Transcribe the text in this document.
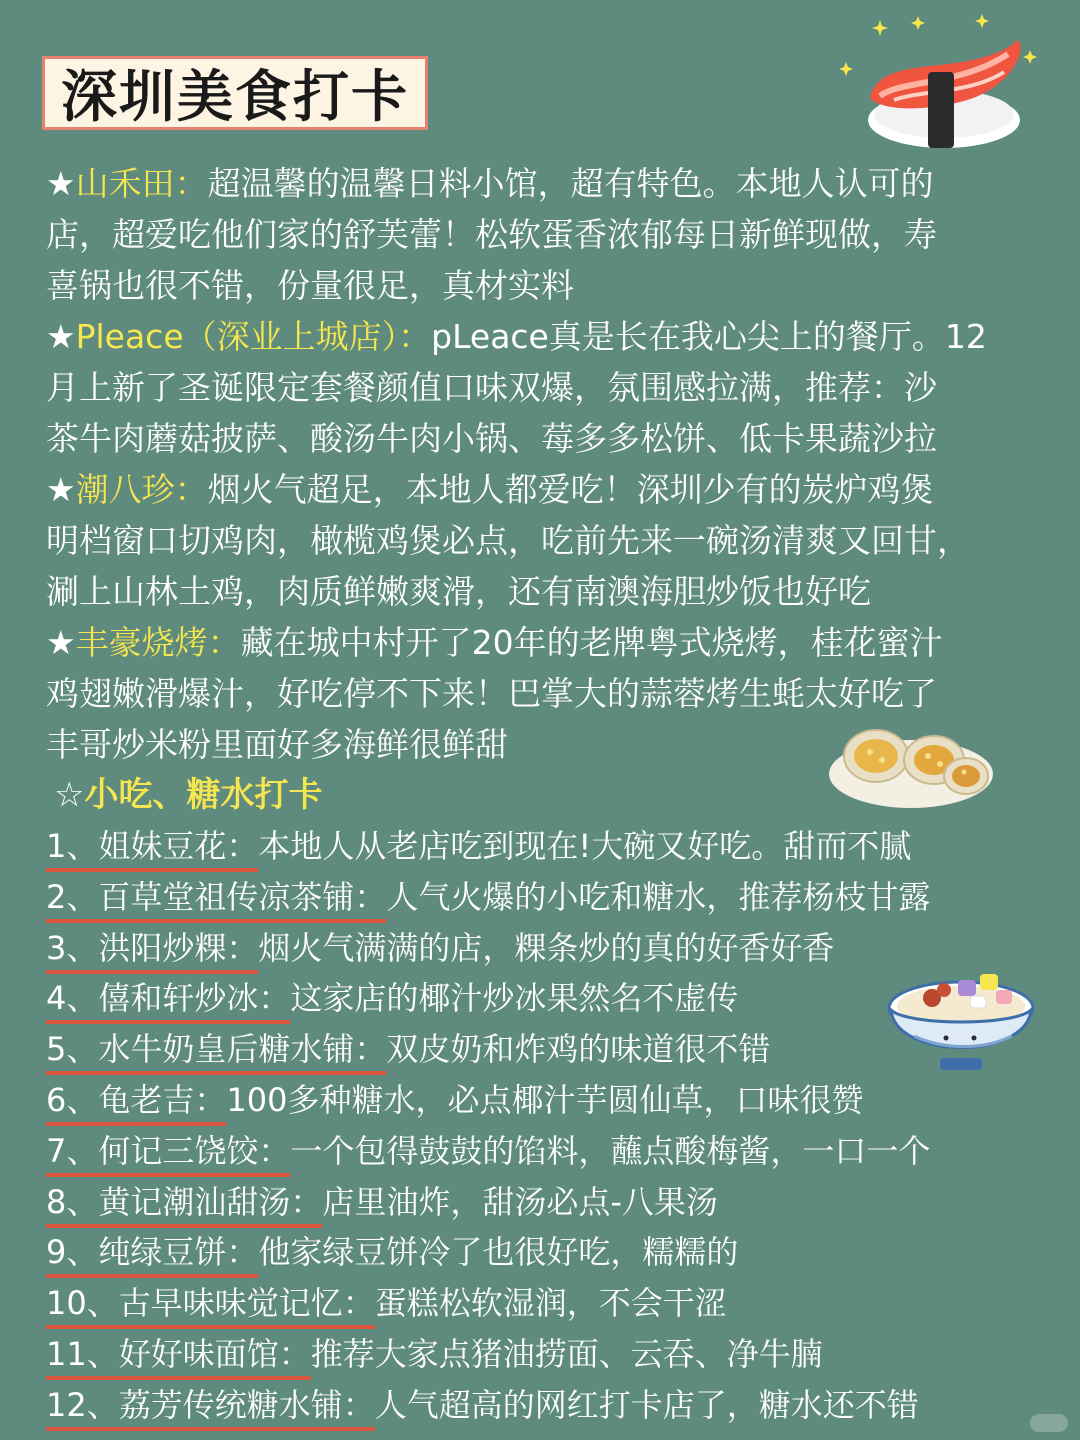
深圳美食打卡
★山禾田：超温馨的温馨日料小馆，超有特色。本地人认可的
店，超爱吃他们家的舒芙蕾！松软蛋香浓郁每日新鲜现做，寿
喜锅也很不错，份量很足，真材实料
★Pleace（深业上城店）：pLeace真是长在我心尖上的餐厅。12
月上新了圣诞限定套餐颜值口味双爆，氛围感拉满，推荐：沙
茶牛肉蘑菇披萨、酸汤牛肉小锅、莓多多松饼、低卡果蔬沙拉
★潮八珍：烟火气超足，本地人都爱吃！深圳少有的炭炉鸡煲
明档窗口切鸡肉，橄榄鸡煲必点，吃前先来一碗汤清爽又回甘，
涮上山林土鸡，肉质鲜嫩爽滑，还有南澳海胆炒饭也好吃
★丰豪烧烤：藏在城中村开了20年的老牌粤式烧烤，桂花蜜汁
鸡翅嫩滑爆汁，好吃停不下来！巴掌大的蒜蓉烤生蚝太好吃了
丰哥炒米粉里面好多海鲜很鲜甜
☆小吃、糖水打卡
1、姐妹豆花：本地人从老店吃到现在!大碗又好吃。甜而不腻
2、百草堂祖传凉茶铺：人气火爆的小吃和糖水，推荐杨枝甘露
3、洪阳炒粿：烟火气满满的店，粿条炒的真的好香好香
4、僖和轩炒冰：这家店的椰汁炒冰果然名不虚传
5、水牛奶皇后糖水铺：双皮奶和炸鸡的味道很不错
6、龟老吉：100多种糖水，必点椰汁芋圆仙草，口味很赞
7、何记三饶饺：一个包得鼓鼓的馅料，蘸点酸梅酱，一口一个
8、黄记潮汕甜汤：店里油炸，甜汤必点-八果汤
9、纯绿豆饼：他家绿豆饼冷了也很好吃，糯糯的
10、古早味味觉记忆：蛋糕松软湿润，不会干涩
11、好好味面馆：推荐大家点猪油捞面、云吞、净牛腩
12、荔芳传统糖水铺：人气超高的网红打卡店了，糖水还不错
